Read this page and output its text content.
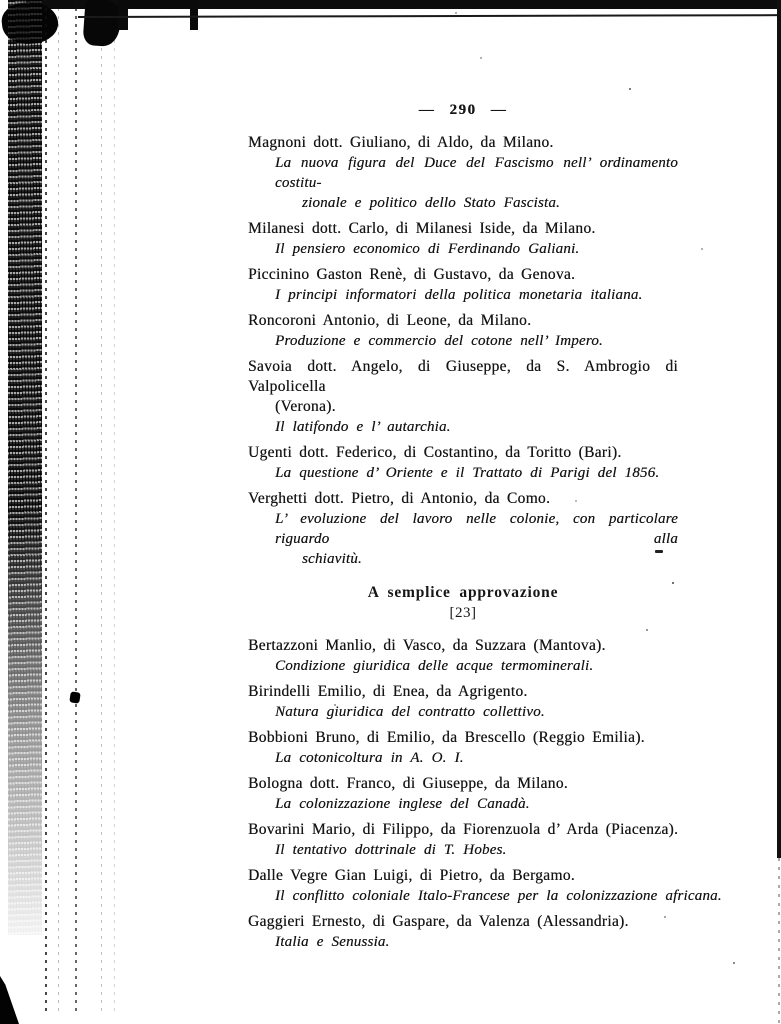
— 290 —
Magnoni dott. Giuliano, di Aldo, da Milano.
La nuova figura del Duce del Fascismo nell’ ordinamento costitu-
zionale e politico dello Stato Fascista.
Milanesi dott. Carlo, di Milanesi Iside, da Milano.
Il pensiero economico di Ferdinando Galiani.
Piccinino Gaston Renè, di Gustavo, da Genova.
I principi informatori della politica monetaria italiana.
Roncoroni Antonio, di Leone, da Milano.
Produzione e commercio del cotone nell’ Impero.
Savoia dott. Angelo, di Giuseppe, da S. Ambrogio di Valpolicella
(Verona).
Il latifondo e l’ autarchia.
Ugenti dott. Federico, di Costantino, da Toritto (Bari).
La questione d’ Oriente e il Trattato di Parigi del 1856.
Verghetti dott. Pietro, di Antonio, da Como.
L’ evoluzione del lavoro nelle colonie, con particolare riguardo alla
schiavitù.
A semplice approvazione
[23]
Bertazzoni Manlio, di Vasco, da Suzzara (Mantova).
Condizione giuridica delle acque termominerali.
Birindelli Emilio, di Enea, da Agrigento.
Natura giuridica del contratto collettivo.
Bobbioni Bruno, di Emilio, da Brescello (Reggio Emilia).
La cotonicoltura in A. O. I.
Bologna dott. Franco, di Giuseppe, da Milano.
La colonizzazione inglese del Canadà.
Bovarini Mario, di Filippo, da Fiorenzuola d’ Arda (Piacenza).
Il tentativo dottrinale di T. Hobes.
Dalle Vegre Gian Luigi, di Pietro, da Bergamo.
Il conflitto coloniale Italo-Francese per la colonizzazione africana.
Gaggieri Ernesto, di Gaspare, da Valenza (Alessandria).
Italia e Senussia.
